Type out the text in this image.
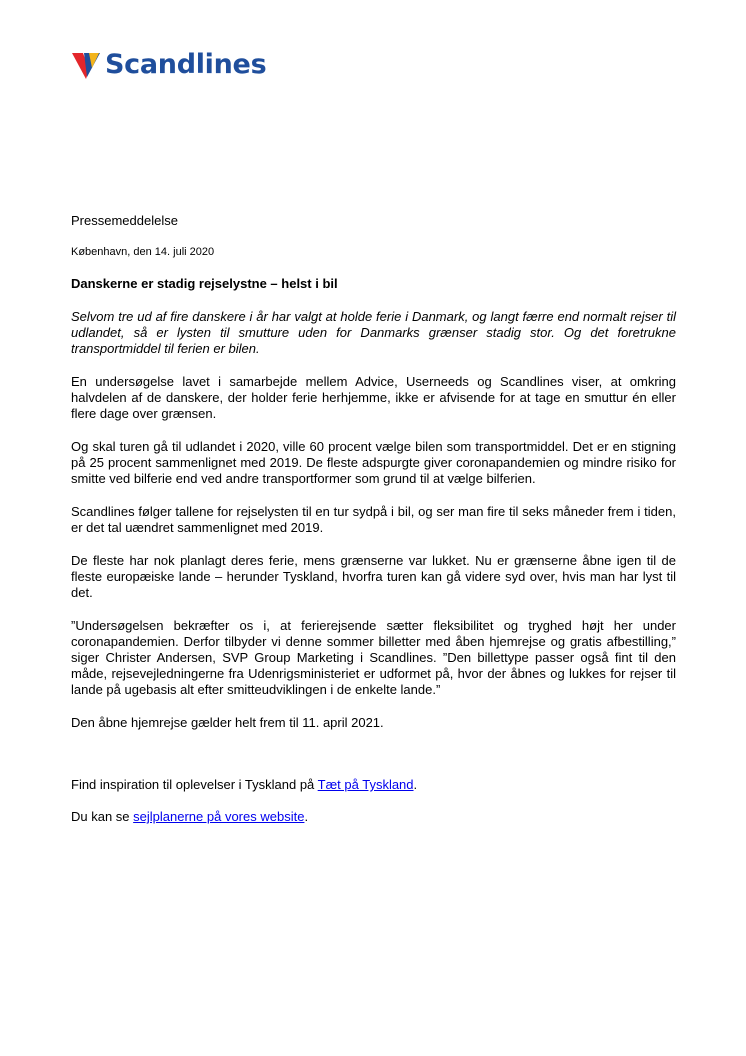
Scandlines

Pressemeddelelse

København, den 14. juli 2020

Danskerne er stadig rejselystne – helst i bil

Selvom tre ud af fire danskere i år har valgt at holde ferie i Danmark, og langt færre end normalt rejser til udlandet, så er lysten til smutture uden for Danmarks grænser stadig stor. Og det foretrukne transportmiddel til ferien er bilen.

En undersøgelse lavet i samarbejde mellem Advice, Userneeds og Scandlines viser, at omkring halvdelen af de danskere, der holder ferie herhjemme, ikke er afvisende for at tage en smuttur én eller flere dage over grænsen.

Og skal turen gå til udlandet i 2020, ville 60 procent vælge bilen som transportmiddel. Det er en stigning på 25 procent sammenlignet med 2019. De fleste adspurgte giver coronapandemien og mindre risiko for smitte ved bilferie end ved andre transportformer som grund til at vælge bilferien.

Scandlines følger tallene for rejselysten til en tur sydpå i bil, og ser man fire til seks måneder frem i tiden, er det tal uændret sammenlignet med 2019.

De fleste har nok planlagt deres ferie, mens grænserne var lukket. Nu er grænserne åbne igen til de fleste europæiske lande – herunder Tyskland, hvorfra turen kan gå videre syd over, hvis man har lyst til det.

”Undersøgelsen bekræfter os i, at ferierejsende sætter fleksibilitet og tryghed højt her under coronapandemien. Derfor tilbyder vi denne sommer billetter med åben hjemrejse og gratis afbestilling,” siger Christer Andersen, SVP Group Marketing i Scandlines. ”Den billettype passer også fint til den måde, rejsevejledningerne fra Udenrigsministeriet er udformet på, hvor der åbnes og lukkes for rejser til lande på ugebasis alt efter smitteudviklingen i de enkelte lande.”

Den åbne hjemrejse gælder helt frem til 11. april 2021.

Find inspiration til oplevelser i Tyskland på Tæt på Tyskland.

Du kan se sejlplanerne på vores website.
